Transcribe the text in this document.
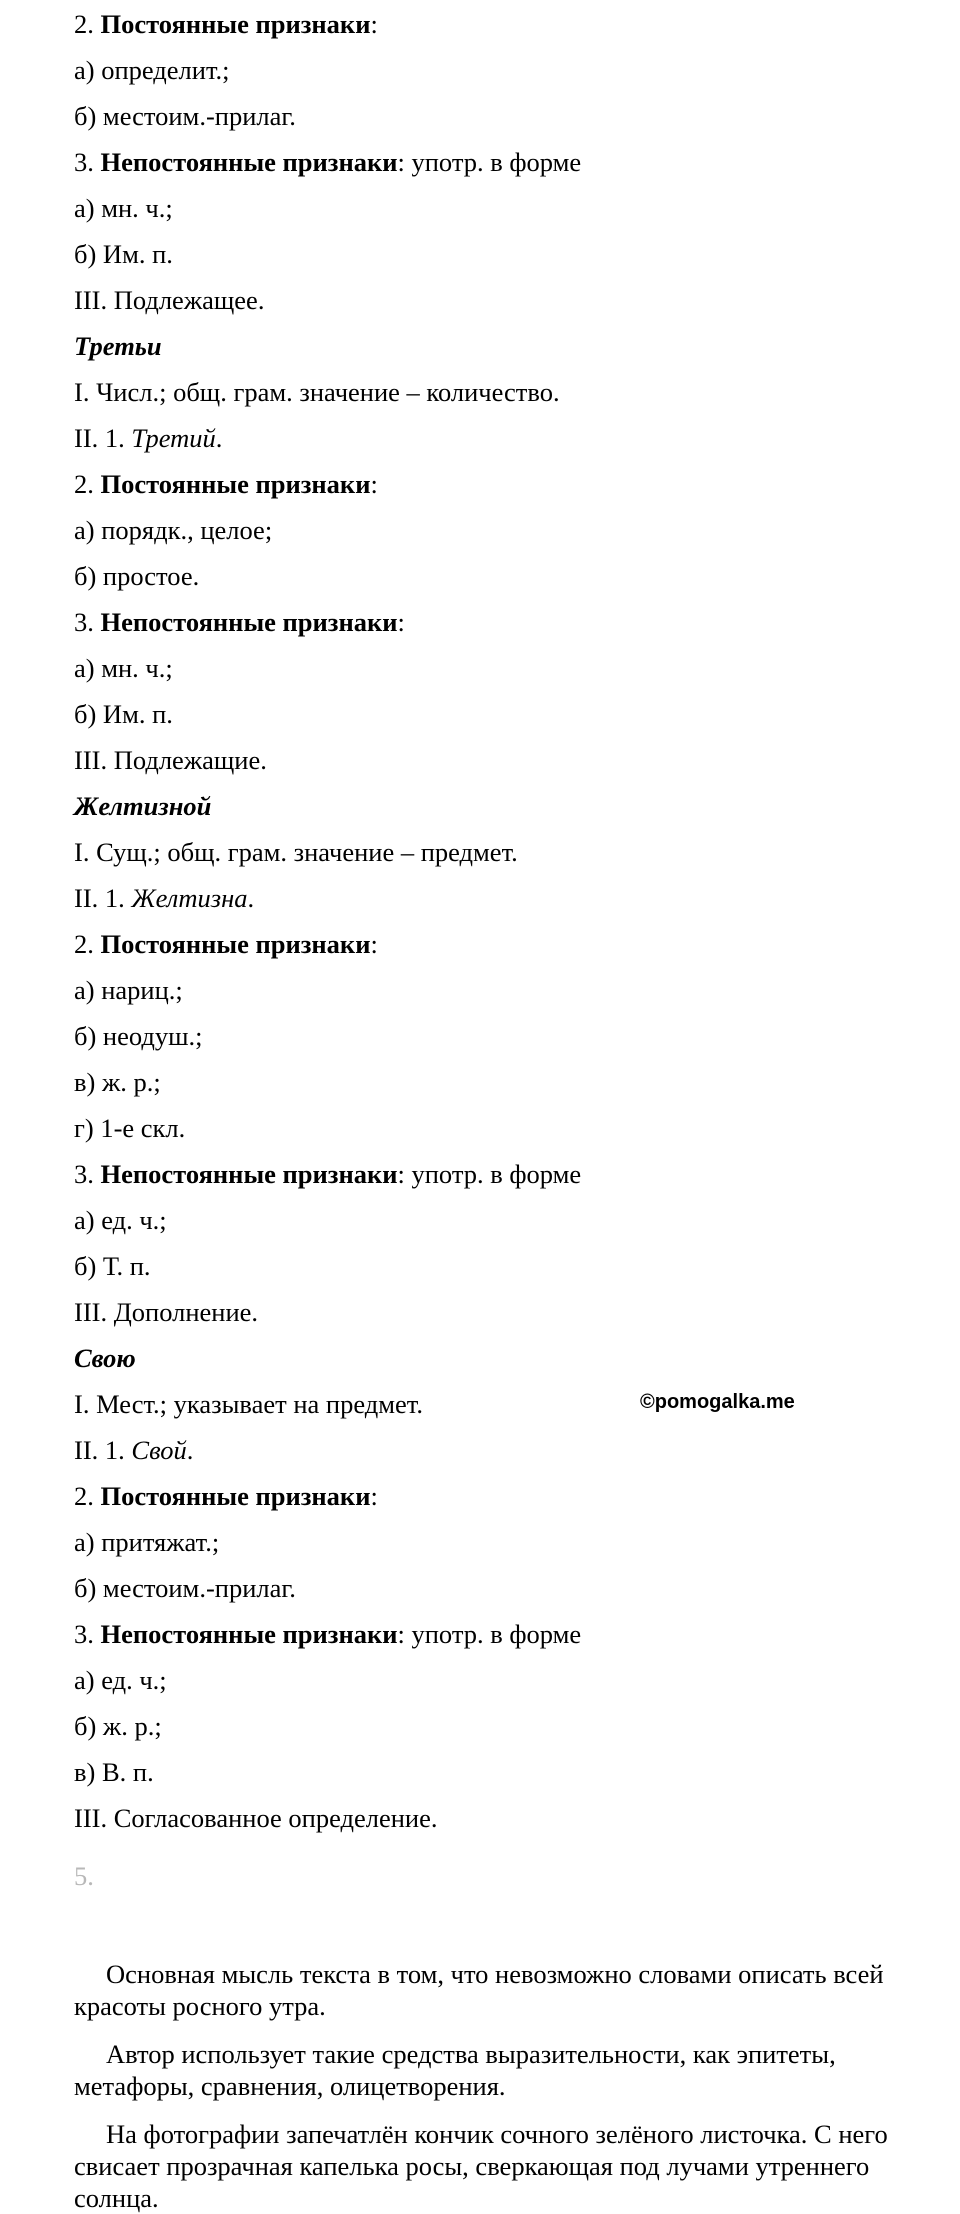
2. Постоянные признаки:
а) определит.;
б) местоим.-прилаг.
3. Непостоянные признаки: употр. в форме
а) мн. ч.;
б) Им. п.
III. Подлежащее.
Третьи
I. Числ.; общ. грам. значение – количество.
II. 1. Третий.
2. Постоянные признаки:
а) порядк., целое;
б) простое.
3. Непостоянные признаки:
а) мн. ч.;
б) Им. п.
III. Подлежащие.
Желтизной
I. Сущ.; общ. грам. значение – предмет.
II. 1. Желтизна.
2. Постоянные признаки:
а) нариц.;
б) неодуш.;
в) ж. р.;
г) 1-е скл.
3. Непостоянные признаки: употр. в форме
а) ед. ч.;
б) Т. п.
III. Дополнение.
Свою
I. Мест.; указывает на предмет.
II. 1. Свой.
2. Постоянные признаки:
а) притяжат.;
б) местоим.-прилаг.
3. Непостоянные признаки: употр. в форме
а) ед. ч.;
б) ж. р.;
в) В. п.
III. Согласованное определение.
©pomogalka.me
5.
Основная мысль текста в том, что невозможно словами описать всей красоты росного утра.
Автор использует такие средства выразительности, как эпитеты, метафоры, сравнения, олицетворения.
На фотографии запечатлён кончик сочного зелёного листочка. С него свисает прозрачная капелька росы, сверкающая под лучами утреннего солнца.
